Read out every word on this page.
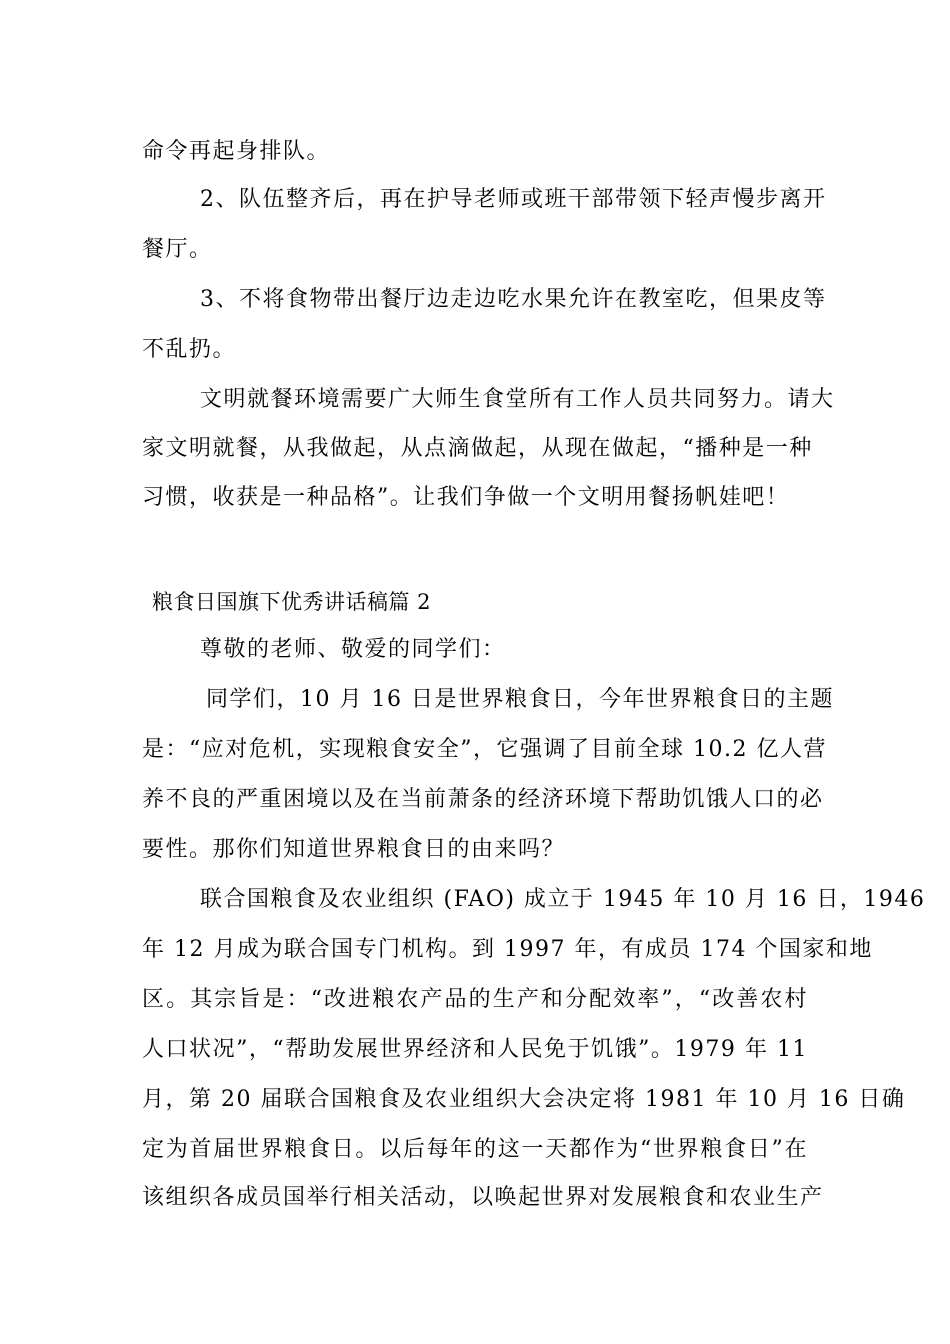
命令再起身排队。
2、队伍整齐后，再在护导老师或班干部带领下轻声慢步离开
餐厅。
3、不将食物带出餐厅边走边吃水果允许在教室吃，但果皮等
不乱扔。
文明就餐环境需要广大师生食堂所有工作人员共同努力。请大
家文明就餐，从我做起，从点滴做起，从现在做起，“播种是一种
习惯，收获是一种品格”。让我们争做一个文明用餐扬帆娃吧！
粮食日国旗下优秀讲话稿篇 2
尊敬的老师、敬爱的同学们：
同学们，10 月 16 日是世界粮食日，今年世界粮食日的主题
是：“应对危机，实现粮食安全”，它强调了目前全球 10.2 亿人营
养不良的严重困境以及在当前萧条的经济环境下帮助饥饿人口的必
要性。那你们知道世界粮食日的由来吗？
联合国粮食及农业组织 (FAO) 成立于 1945 年 10 月 16 日，1946
年 12 月成为联合国专门机构。到 1997 年，有成员 174 个国家和地
区。其宗旨是：“改进粮农产品的生产和分配效率”，“改善农村
人口状况”，“帮助发展世界经济和人民免于饥饿”。1979 年 11
月，第 20 届联合国粮食及农业组织大会决定将 1981 年 10 月 16 日确
定为首届世界粮食日。以后每年的这一天都作为“世界粮食日”在
该组织各成员国举行相关活动，以唤起世界对发展粮食和农业生产
